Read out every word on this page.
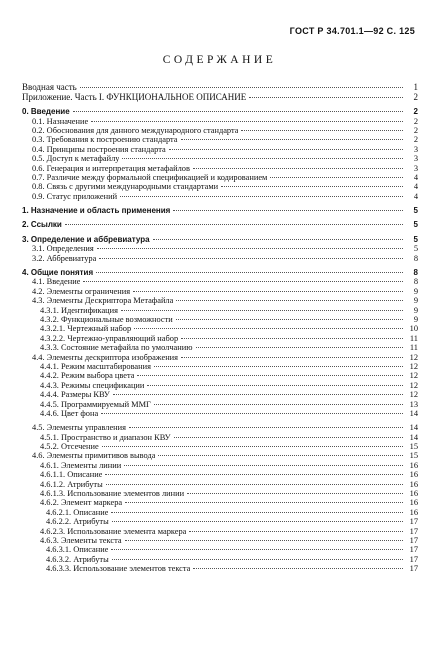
ГОСТ Р 34.701.1—92 С. 125
СОДЕРЖАНИЕ
Вводная часть	1
Приложение. Часть I. ФУНКЦИОНАЛЬНОЕ ОПИСАНИЕ	2
0. Введение	2
0.1. Назначение	2
0.2. Обоснования для данного международного стандарта	2
0.3. Требования к построению стандарта	2
0.4. Принципы построения стандарта	3
0.5. Доступ к метафайлу	3
0.6. Генерация и интерпретация метафайлов	3
0.7. Различие между формальной спецификацией и кодированием	4
0.8. Связь с другими международными стандартами	4
0.9. Статус приложений	4
1. Назначение и область применения	5
2. Ссылки	5
3. Определение и аббревиатура	5
3.1. Определения	5
3.2. Аббревиатура	8
4. Общие понятия	8
4.1. Введение	8
4.2. Элементы ограничения	9
4.3. Элементы Дескриптора Метафайла	9
4.3.1. Идентификация	9
4.3.2. Функциональные возможности	9
4.3.2.1. Чертежный набор	10
4.3.2.2. Чертежно-управляющий набор	11
4.3.3. Состояние метафайла по умолчанию	11
4.4. Элементы дескриптора изображения	12
4.4.1. Режим масштабирования	12
4.4.2. Режим выбора цвета	12
4.4.3. Режимы спецификации	12
4.4.4. Размеры КВУ	12
4.4.5. Программируемый ММГ	13
4.4.6. Цвет фона	14
4.5. Элементы управления	14
4.5.1. Пространство и диапазон КВУ	14
4.5.2. Отсечение	15
4.6. Элементы примитивов вывода	15
4.6.1. Элементы линии	16
4.6.1.1. Описание	16
4.6.1.2. Атрибуты	16
4.6.1.3. Использование элементов линии	16
4.6.2. Элемент маркера	16
4.6.2.1. Описание	16
4.6.2.2. Атрибуты	17
4.6.2.3. Использование элемента маркера	17
4.6.3. Элементы текста	17
4.6.3.1. Описание	17
4.6.3.2. Атрибуты	17
4.6.3.3. Использование элементов текста	17
